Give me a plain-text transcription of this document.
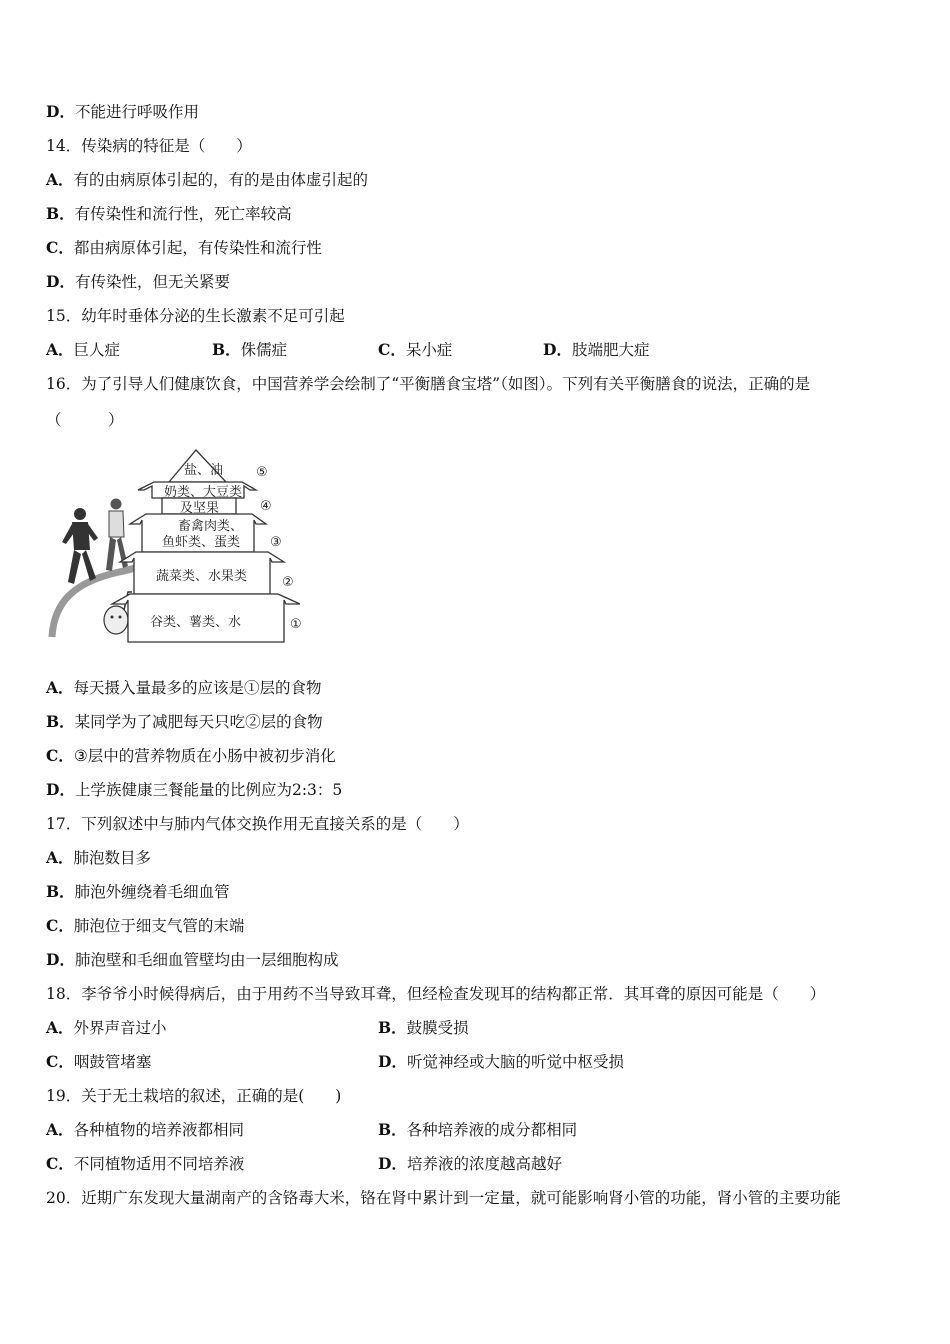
D．不能进行呼吸作用
14．传染病的特征是（　　）
A．有的由病原体引起的，有的是由体虚引起的
B．有传染性和流行性，死亡率较高
C．都由病原体引起，有传染性和流行性
D．有传染性，但无关紧要
15．幼年时垂体分泌的生长激素不足可引起
A．巨人症	B．侏儒症	C．呆小症	D．肢端肥大症
16．为了引导人们健康饮食，中国营养学会绘制了“平衡膳食宝塔”（如图）。下列有关平衡膳食的说法，正确的是
（　　　）
盐、油
奶类、大豆类
及坚果
畜禽肉类、
鱼虾类、蛋类
蔬菜类、水果类
谷类、薯类、水
⑤
④
③
②
①
A．每天摄入量最多的应该是①层的食物
B．某同学为了减肥每天只吃②层的食物
C．③层中的营养物质在小肠中被初步消化
D．上学族健康三餐能量的比例应为2:3：5
17．下列叙述中与肺内气体交换作用无直接关系的是（　　）
A．肺泡数目多
B．肺泡外缠绕着毛细血管
C．肺泡位于细支气管的末端
D．肺泡壁和毛细血管壁均由一层细胞构成
18．李爷爷小时候得病后，由于用药不当导致耳聋，但经检查发现耳的结构都正常．其耳聋的原因可能是（　　）
A．外界声音过小	B．鼓膜受损
C．咽鼓管堵塞	D．听觉神经或大脑的听觉中枢受损
19．关于无土栽培的叙述，正确的是(　　)
A．各种植物的培养液都相同	B．各种培养液的成分都相同
C．不同植物适用不同培养液	D．培养液的浓度越高越好
20．近期广东发现大量湖南产的含铬毒大米，铬在肾中累计到一定量，就可能影响肾小管的功能，肾小管的主要功能
